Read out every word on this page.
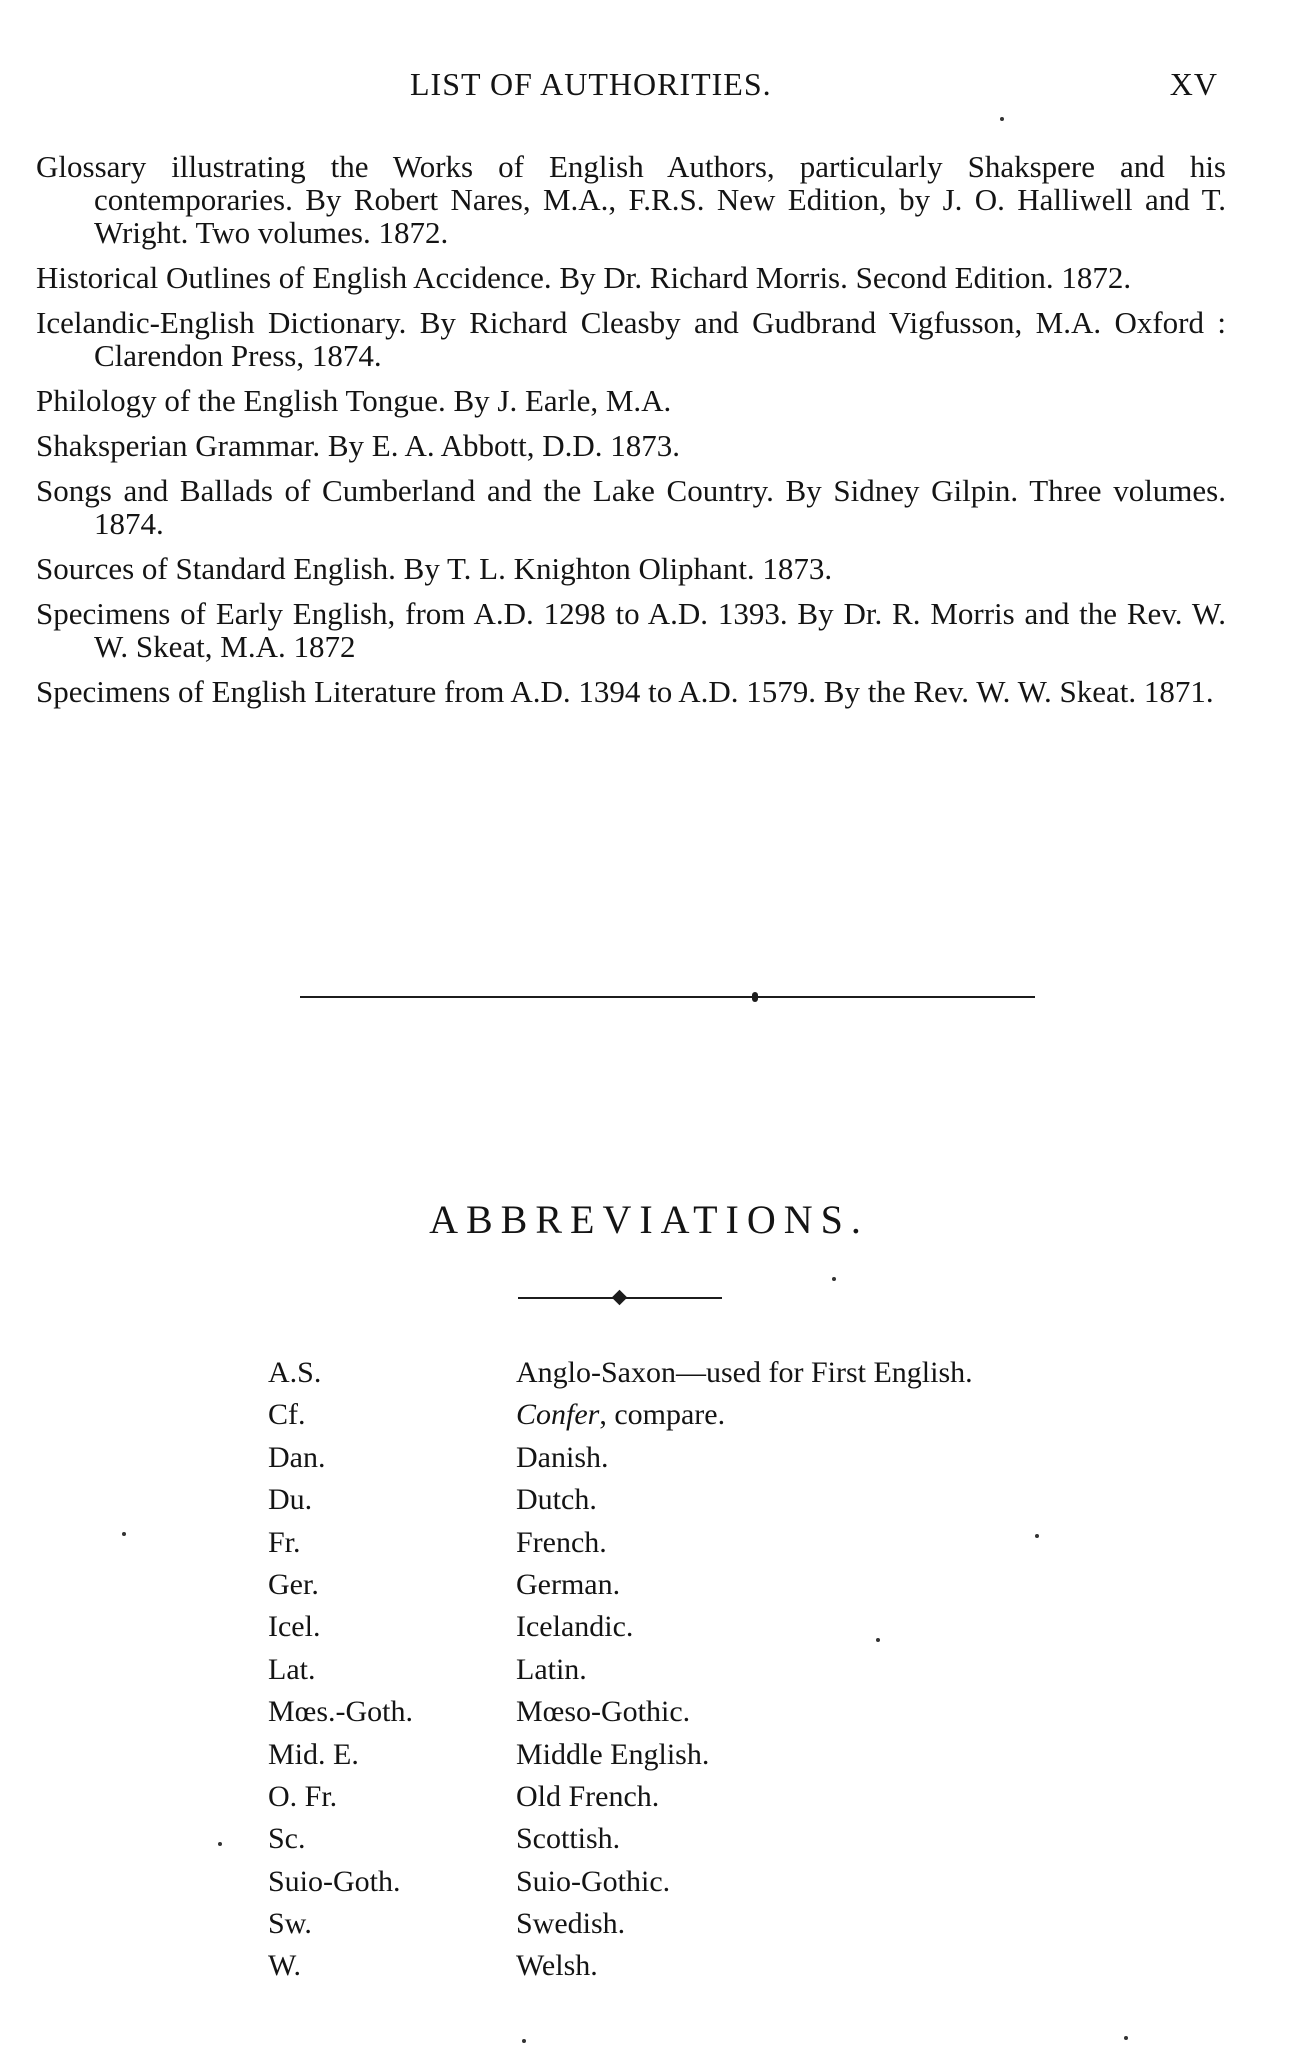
LIST OF AUTHORITIES.	XV
Glossary illustrating the Works of English Authors, particularly Shakspere and his contemporaries. By Robert Nares, M.A., F.R.S. New Edition, by J. O. Halliwell and T. Wright. Two volumes. 1872.
Historical Outlines of English Accidence. By Dr. Richard Morris. Second Edition. 1872.
Icelandic-English Dictionary. By Richard Cleasby and Gudbrand Vigfusson, M.A. Oxford : Clarendon Press, 1874.
Philology of the English Tongue. By J. Earle, M.A.
Shaksperian Grammar. By E. A. Abbott, D.D. 1873.
Songs and Ballads of Cumberland and the Lake Country. By Sidney Gilpin. Three volumes. 1874.
Sources of Standard English. By T. L. Knighton Oliphant. 1873.
Specimens of Early English, from A.D. 1298 to A.D. 1393. By Dr. R. Morris and the Rev. W. W. Skeat, M.A. 1872
Specimens of English Literature from A.D. 1394 to A.D. 1579. By the Rev. W. W. Skeat. 1871.
ABBREVIATIONS.
A.S.	Anglo-Saxon—used for First English.
Cf.	Confer, compare.
Dan.	Danish.
Du.	Dutch.
Fr.	French.
Ger.	German.
Icel.	Icelandic.
Lat.	Latin.
Mœs.-Goth.	Mœso-Gothic.
Mid. E.	Middle English.
O. Fr.	Old French.
Sc.	Scottish.
Suio-Goth.	Suio-Gothic.
Sw.	Swedish.
W.	Welsh.
